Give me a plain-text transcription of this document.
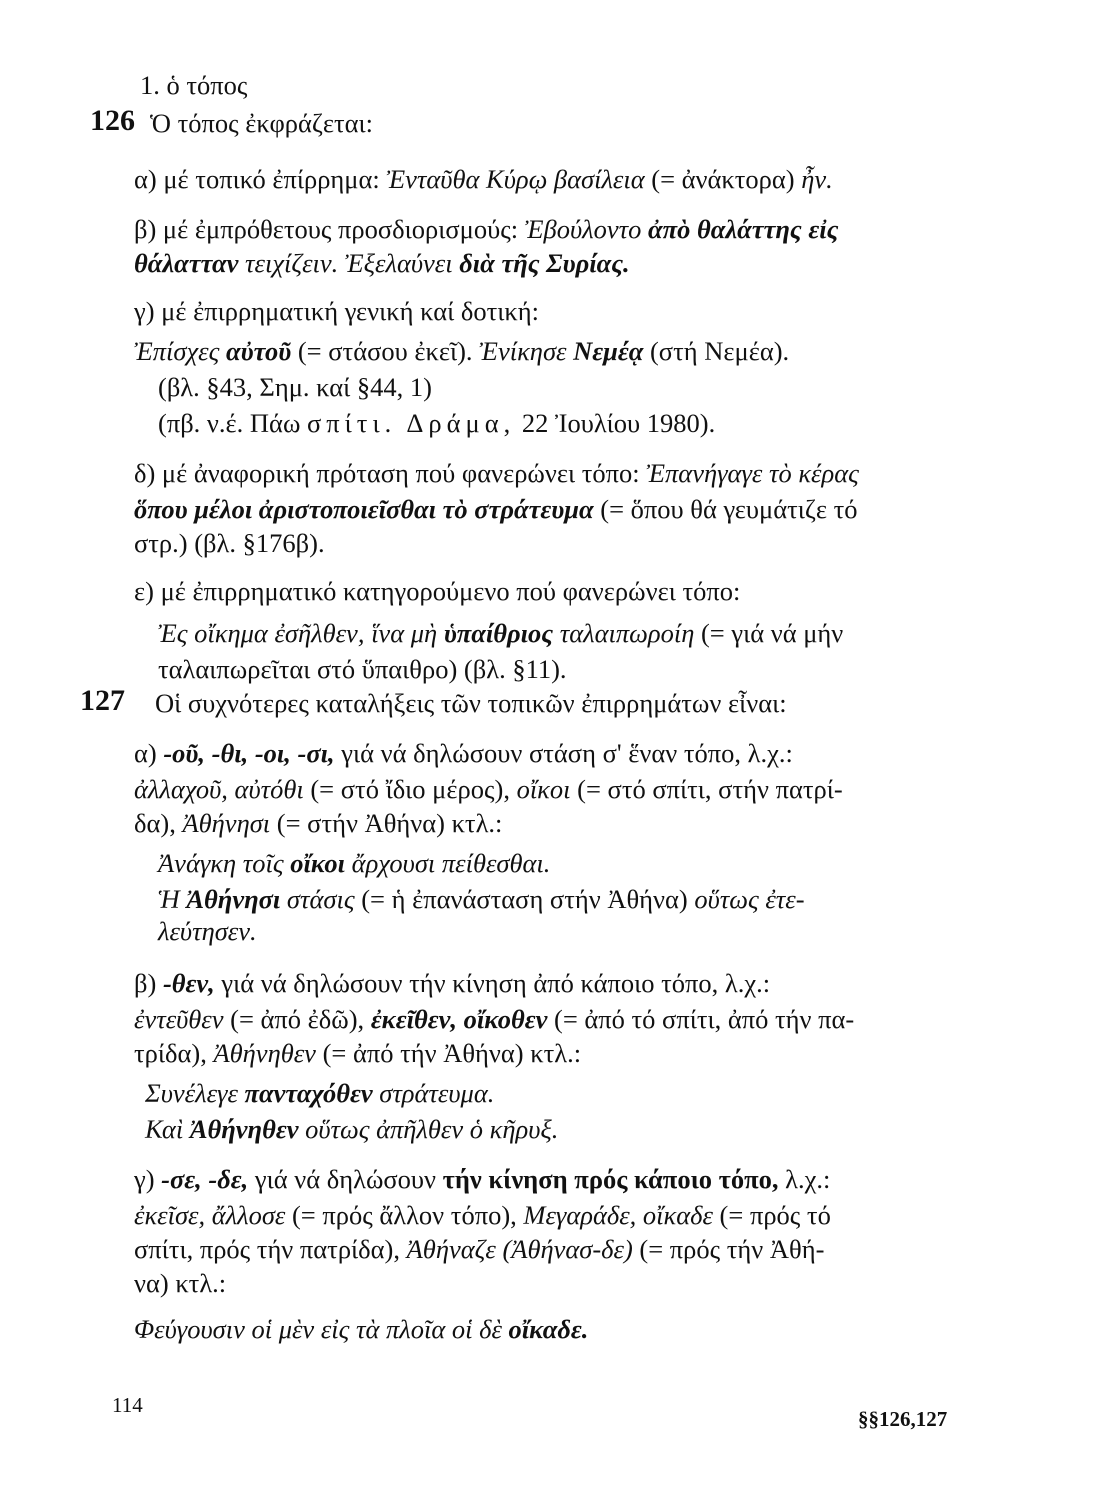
1. ὁ τόπος
126 Ὁ τόπος ἐκφράζεται:
α) μέ τοπικό ἐπίρρημα: Ἐνταῦθα Κύρῳ βασίλεια (= ἀνάκτορα) ἦν.
β) μέ ἐμπρόθετους προσδιορισμούς: Ἐβούλοντο ἀπὸ θαλάττης εἰς
θάλατταν τειχίζειν. Ἐξελαύνει διὰ τῆς Συρίας.
γ) μέ ἐπιρρηματική γενική καί δοτική:
Ἐπίσχες αὐτοῦ (= στάσου ἐκεῖ). Ἐνίκησε Νεμέᾳ (στή Νεμέα).
(βλ. §43, Σημ. καί §44, 1)
(πβ. ν.έ. Πάω σπίτι. Δράμα, 22 Ἰουλίου 1980).
δ) μέ ἀναφορική πρόταση πού φανερώνει τόπο: Ἐπανήγαγε τὸ κέρας
ὅπου μέλοι ἀριστοποιεῖσθαι τὸ στράτευμα (= ὅπου θά γευμάτιζε τό
στρ.) (βλ. §176β).
ε) μέ ἐπιρρηματικό κατηγορούμενο πού φανερώνει τόπο:
Ἐς οἴκημα ἐσῆλθεν, ἵνα μὴ ὑπαίθριος ταλαιπωροίη (= γιά νά μήν
ταλαιπωρεῖται στό ὕπαιθρο) (βλ. §11).
127 Οἱ συχνότερες καταλήξεις τῶν τοπικῶν ἐπιρρημάτων εἶναι:
α) -οῦ, -θι, -οι, -σι, γιά νά δηλώσουν στάση σ' ἕναν τόπο, λ.χ.:
ἀλλαχοῦ, αὐτόθι (= στό ἴδιο μέρος), οἴκοι (= στό σπίτι, στήν πατρί-
δα), Ἀθήνησι (= στήν Ἀθήνα) κτλ.:
Ἀνάγκη τοῖς οἴκοι ἄρχουσι πείθεσθαι.
Ἡ Ἀθήνησι στάσις (= ἡ ἐπανάσταση στήν Ἀθήνα) οὕτως ἐτε-
λεύτησεν.
β) -θεν, γιά νά δηλώσουν τήν κίνηση ἀπό κάποιο τόπο, λ.χ.:
ἐντεῦθεν (= ἀπό ἐδῶ), ἐκεῖθεν, οἴκοθεν (= ἀπό τό σπίτι, ἀπό τήν πα-
τρίδα), Ἀθήνηθεν (= ἀπό τήν Ἀθήνα) κτλ.:
Συνέλεγε πανταχόθεν στράτευμα.
Καὶ Ἀθήνηθεν οὕτως ἀπῆλθεν ὁ κῆρυξ.
γ) -σε, -δε, γιά νά δηλώσουν τήν κίνηση πρός κάποιο τόπο, λ.χ.:
ἐκεῖσε, ἄλλοσε (= πρός ἄλλον τόπο), Μεγαράδε, οἴκαδε (= πρός τό
σπίτι, πρός τήν πατρίδα), Ἀθήναζε (Ἀθήνασ-δε) (= πρός τήν Ἀθή-
να) κτλ.:
Φεύγουσιν οἱ μὲν εἰς τὰ πλοῖα οἱ δὲ οἴκαδε.
114
§§126,127
